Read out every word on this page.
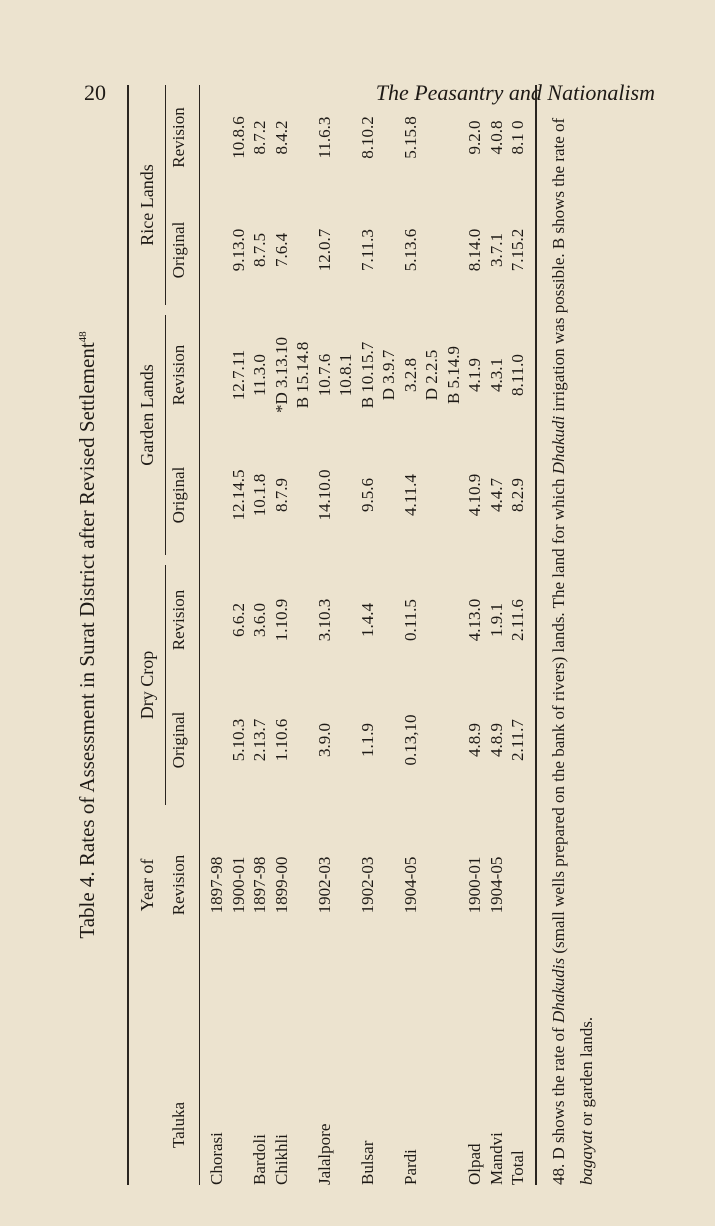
20	The Peasantry and Nationalism
Table 4. Rates of Assessment in Surat District after Revised Settlement$^{48}$
Year of
Dry Crop
Garden Lands
Rice Lands
Taluka
Revision
Original
Revision
Original
Revision
Original
Revision
Chorasi
1897-98 1900-01
5.10.3
6.6.2
12.14.5
12.7.11
9.13.0
10.8.6
Bardoli
1897-98
2.13.7
3.6.0
10.1.8
11.3.0
8.7.5
8.7.2
Chikhli
1899-00
1.10.6
1.10.9
8.7.9
*D 3.13.10
7.6.4
8.4.2
B 15.14.8
Jalalpore
1902-03
3.9.0
3.10.3
14.10.0
10.7.6
12.0.7
11.6.3
10.8.1
Bulsar
1902-03
1.1.9
1.4.4
9.5.6
B 10.15.7
7.11.3
8.10.2
D 3.9.7
Pardi
1904-05
0.13,10
0.11.5
4.11.4
3.2.8
5.13.6
5.15.8
D 2.2.5 B 5.14.9
Olpad
1900-01
4.8.9
4.13.0
4.10.9
4.1.9
8.14.0
9.2.0
Mandvi
1904-05
4.8.9
1.9.1
4.4.7
4.3.1
3.7.1
4.0.8
Total
2.11.7
2.11.6
8.2.9
8.11.0
7.15.2
8.1 0
48. D shows the rate of Dhakudis (small wells prepared on the bank of rivers) lands. The land for which Dhakudi irrigation was possible. B shows the rate of bagayat or garden lands.
